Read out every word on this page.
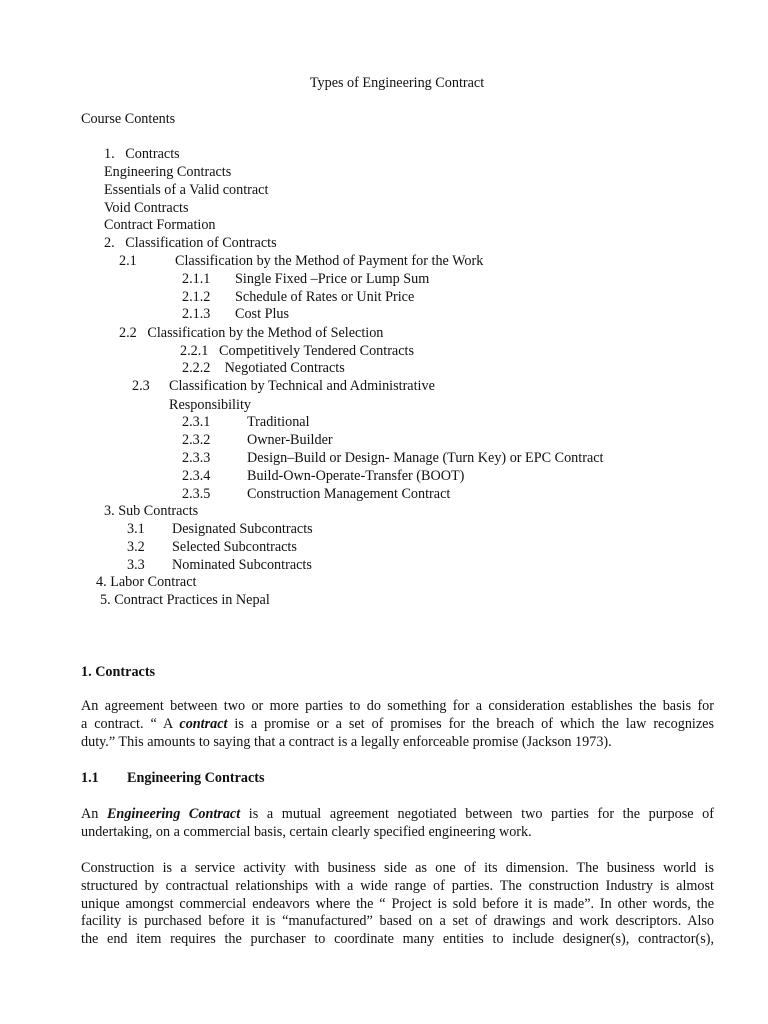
Types of Engineering Contract
Course Contents
1. Contracts
Engineering Contracts
Essentials of a Valid contract
Void Contracts
Contract Formation
2. Classification of Contracts
2.1	Classification by the Method of Payment for the Work
2.1.1 Single Fixed –Price or Lump Sum
2.1.2 Schedule of Rates or Unit Price
2.1.3 Cost Plus
2.2 Classification by the Method of Selection
2.2.1 Competitively Tendered Contracts
2.2.2 Negotiated Contracts
2.3 Classification by Technical and Administrative
Responsibility
2.3.1	Traditional
2.3.2	Owner-Builder
2.3.3	Design–Build or Design- Manage (Turn Key) or EPC Contract
2.3.4	Build-Own-Operate-Transfer (BOOT)
2.3.5	Construction Management Contract
3. Sub Contracts
3.1 Designated Subcontracts
3.2 Selected Subcontracts
3.3 Nominated Subcontracts
4. Labor Contract
5. Contract Practices in Nepal
1. Contracts
An agreement between two or more parties to do something for a consideration establishes the basis for
a contract. “ A contract is a promise or a set of promises for the breach of which the law recognizes
duty.” This amounts to saying that a contract is a legally enforceable promise (Jackson 1973).
1.1 Engineering Contracts
An Engineering Contract is a mutual agreement negotiated between two parties for the purpose of
undertaking, on a commercial basis, certain clearly specified engineering work.
Construction is a service activity with business side as one of its dimension. The business world is
structured by contractual relationships with a wide range of parties. The construction Industry is almost
unique amongst commercial endeavors where the “ Project is sold before it is made”. In other words, the
facility is purchased before it is “manufactured” based on a set of drawings and work descriptors. Also
the end item requires the purchaser to coordinate many entities to include designer(s), contractor(s),
